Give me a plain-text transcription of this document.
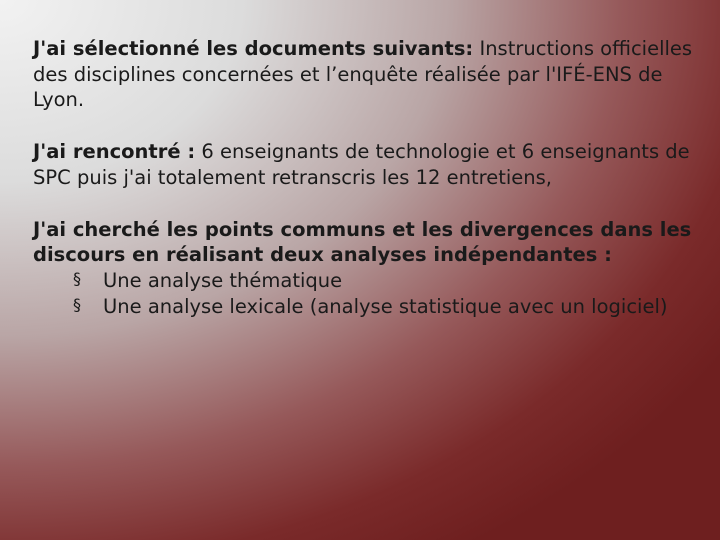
J'ai sélectionné les documents suivants: Instructions officielles des disciplines concernées et l’enquête réalisée par l'IFÉ-ENS de Lyon.

J'ai rencontré : 6 enseignants de technologie et 6 enseignants de SPC puis j'ai totalement retranscris les 12 entretiens,

J'ai cherché les points communs et les divergences dans les discours en réalisant deux analyses indépendantes :

§ Une analyse thématique
§ Une analyse lexicale (analyse statistique avec un logiciel)
